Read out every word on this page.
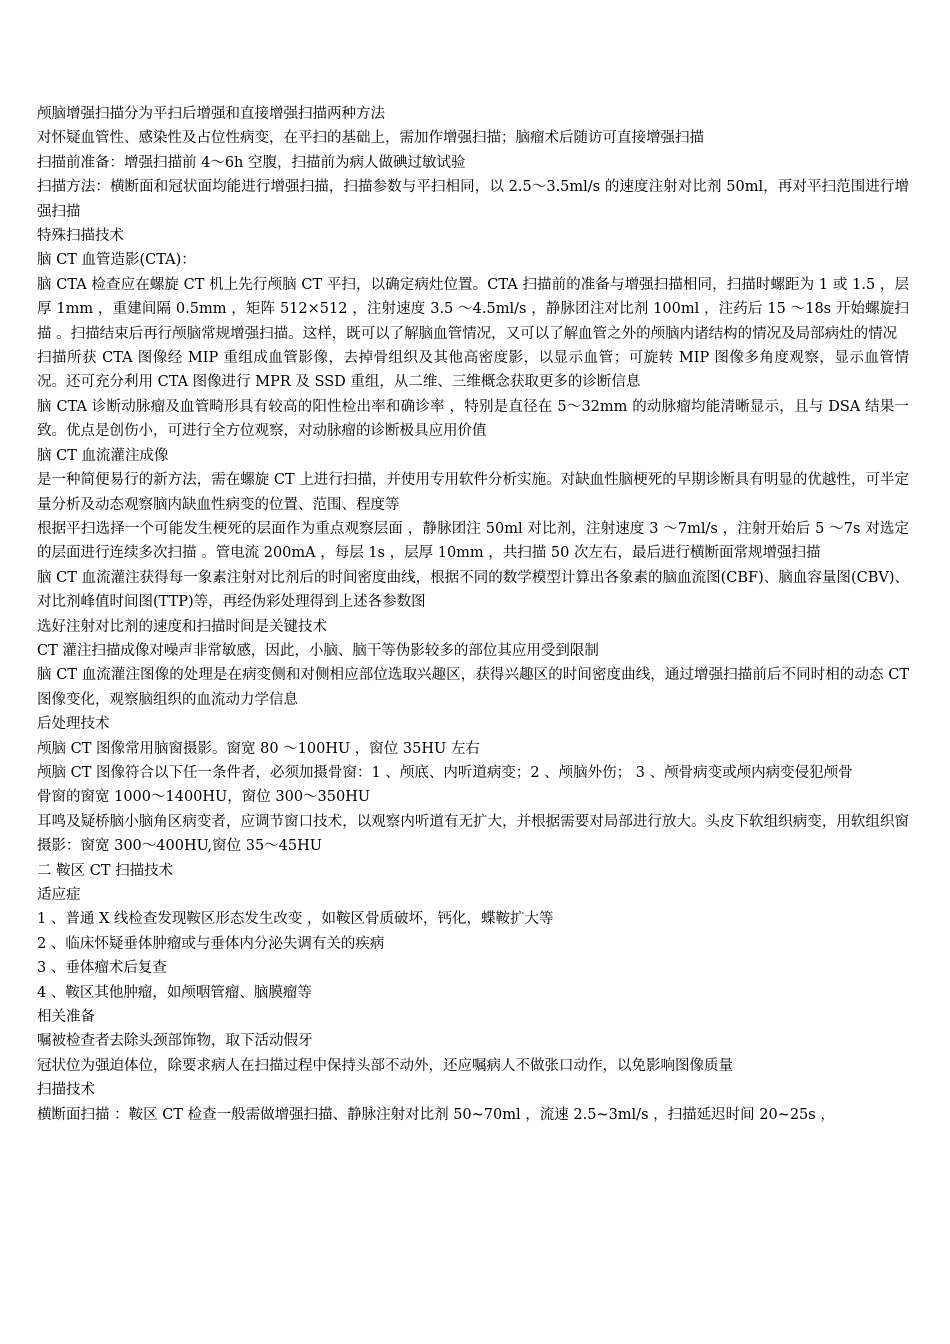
颅脑增强扫描分为平扫后增强和直接增强扫描两种方法

对怀疑血管性、感染性及占位性病变，在平扫的基础上，需加作增强扫描；脑瘤术后随访可直接增强扫描

扫描前准备：增强扫描前 4～6h 空腹，扫描前为病人做碘过敏试验

扫描方法：横断面和冠状面均能进行增强扫描，扫描参数与平扫相同，以 2.5～3.5ml/s 的速度注射对比剂 50ml，再对平扫范围进行增强扫描

特殊扫描技术

脑 CT 血管造影(CTA)：

脑 CTA 检查应在螺旋 CT 机上先行颅脑 CT 平扫，以确定病灶位置。CTA 扫描前的准备与增强扫描相同，扫描时螺距为 1 或 1.5 ，层厚 1mm ，重建间隔 0.5mm ，矩阵 512×512 ，注射速度 3.5 ～4.5ml/s ，静脉团注对比剂 100ml ，注药后 15 ～18s 开始螺旋扫描 。扫描结束后再行颅脑常规增强扫描。这样，既可以了解脑血管情况，又可以了解血管之外的颅脑内诸结构的情况及局部病灶的情况

扫描所获 CTA 图像经 MIP 重组成血管影像，去掉骨组织及其他高密度影，以显示血管；可旋转 MIP 图像多角度观察，显示血管情况。还可充分利用 CTA 图像进行 MPR 及 SSD 重组，从二维、三维概念获取更多的诊断信息

脑 CTA 诊断动脉瘤及血管畸形具有较高的阳性检出率和确诊率 ，特别是直径在 5～32mm 的动脉瘤均能清晰显示，且与 DSA 结果一致。优点是创伤小，可进行全方位观察，对动脉瘤的诊断极具应用价值

脑 CT 血流灌注成像

是一种简便易行的新方法，需在螺旋 CT 上进行扫描，并使用专用软件分析实施。对缺血性脑梗死的早期诊断具有明显的优越性，可半定量分析及动态观察脑内缺血性病变的位置、范围、程度等

根据平扫选择一个可能发生梗死的层面作为重点观察层面 ，静脉团注 50ml 对比剂，注射速度 3 ～7ml/s ，注射开始后 5 ～7s 对选定的层面进行连续多次扫描 。管电流 200mA ，每层 1s ，层厚 10mm ，共扫描 50 次左右，最后进行横断面常规增强扫描

脑 CT 血流灌注获得每一象素注射对比剂后的时间密度曲线，根据不同的数学模型计算出各象素的脑血流图(CBF)、脑血容量图(CBV)、对比剂峰值时间图(TTP)等，再经伪彩处理得到上述各参数图

选好注射对比剂的速度和扫描时间是关键技术

CT 灌注扫描成像对噪声非常敏感，因此，小脑、脑干等伪影较多的部位其应用受到限制

脑 CT 血流灌注图像的处理是在病变侧和对侧相应部位选取兴趣区，获得兴趣区的时间密度曲线，通过增强扫描前后不同时相的动态 CT 图像变化，观察脑组织的血流动力学信息

后处理技术

颅脑 CT 图像常用脑窗摄影。窗宽 80 ～100HU ，窗位 35HU 左右

颅脑 CT 图像符合以下任一条件者，必须加摄骨窗：1 、颅底、内听道病变；2 、颅脑外伤； 3 、颅骨病变或颅内病变侵犯颅骨

骨窗的窗宽 1000～1400HU，窗位 300～350HU

耳鸣及疑桥脑小脑角区病变者，应调节窗口技术，以观察内听道有无扩大，并根据需要对局部进行放大。头皮下软组织病变，用软组织窗摄影：窗宽 300～400HU,窗位 35～45HU

二 鞍区 CT 扫描技术

适应症

1 、普通 X 线检查发现鞍区形态发生改变 ，如鞍区骨质破坏，钙化，蝶鞍扩大等

2 、临床怀疑垂体肿瘤或与垂体内分泌失调有关的疾病

3 、垂体瘤术后复查

4 、鞍区其他肿瘤，如颅咽管瘤、脑膜瘤等

相关准备

嘱被检查者去除头颈部饰物，取下活动假牙

冠状位为强迫体位，除要求病人在扫描过程中保持头部不动外，还应嘱病人不做张口动作，以免影响图像质量

扫描技术

横断面扫描 ：鞍区 CT 检查一般需做增强扫描、静脉注射对比剂 50~70ml ，流速 2.5~3ml/s ，扫描延迟时间 20~25s ，
